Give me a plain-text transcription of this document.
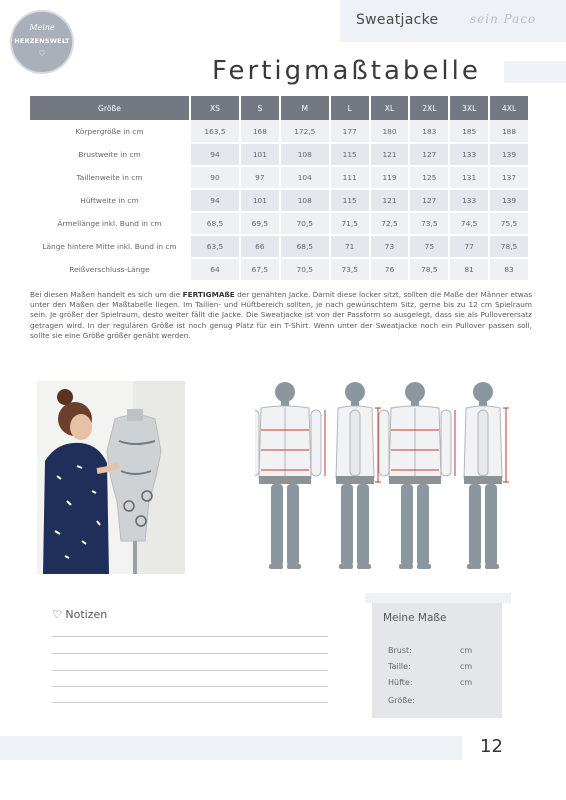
Sweatjacke	sein Paco
Meine
HERZENSWELT
♡
Fertigmaßtabelle
Größe	XS	S	M	L	XL	2XL	3XL	4XL
Körpergröße in cm	163,5	168	172,5	177	180	183	185	188
Brustweite in cm	94	101	108	115	121	127	133	139
Taillenweite in cm	90	97	104	111	119	125	131	137
Hüftweite in cm	94	101	108	115	121	127	133	139
Ärmellänge inkl. Bund in cm	68,5	69,5	70,5	71,5	72,5	73,5	74,5	75,5
Länge hintere Mitte inkl. Bund in cm	63,5	66	68,5	71	73	75	77	78,5
Reißverschluss-Länge	64	67,5	70,5	73,5	76	78,5	81	83

Bei diesen Maßen handelt es sich um die FERTIGMAßE der genähten Jacke. Damit diese locker sitzt, sollten die Maße der Männer etwas unter den Maßen der Maßtabelle liegen. Im Taillen- und Hüftbereich sollten, je nach gewünschtem Sitz, gerne bis zu 12 cm Spielraum sein. Je größer der Spielraum, desto weiter fällt die Jacke. Die Sweatjacke ist von der Passform so ausgelegt, dass sie als Pulloverersatz getragen wird. In der regulären Größe ist noch genug Platz für ein T-Shirt. Wenn unter der Sweatjacke noch ein Pullover passen soll, sollte sie eine Größe größer genäht werden.

♡ Notizen	Meine Maße
Brust:	cm
Taille:	cm
Hüfte:	cm
Größe:
12
